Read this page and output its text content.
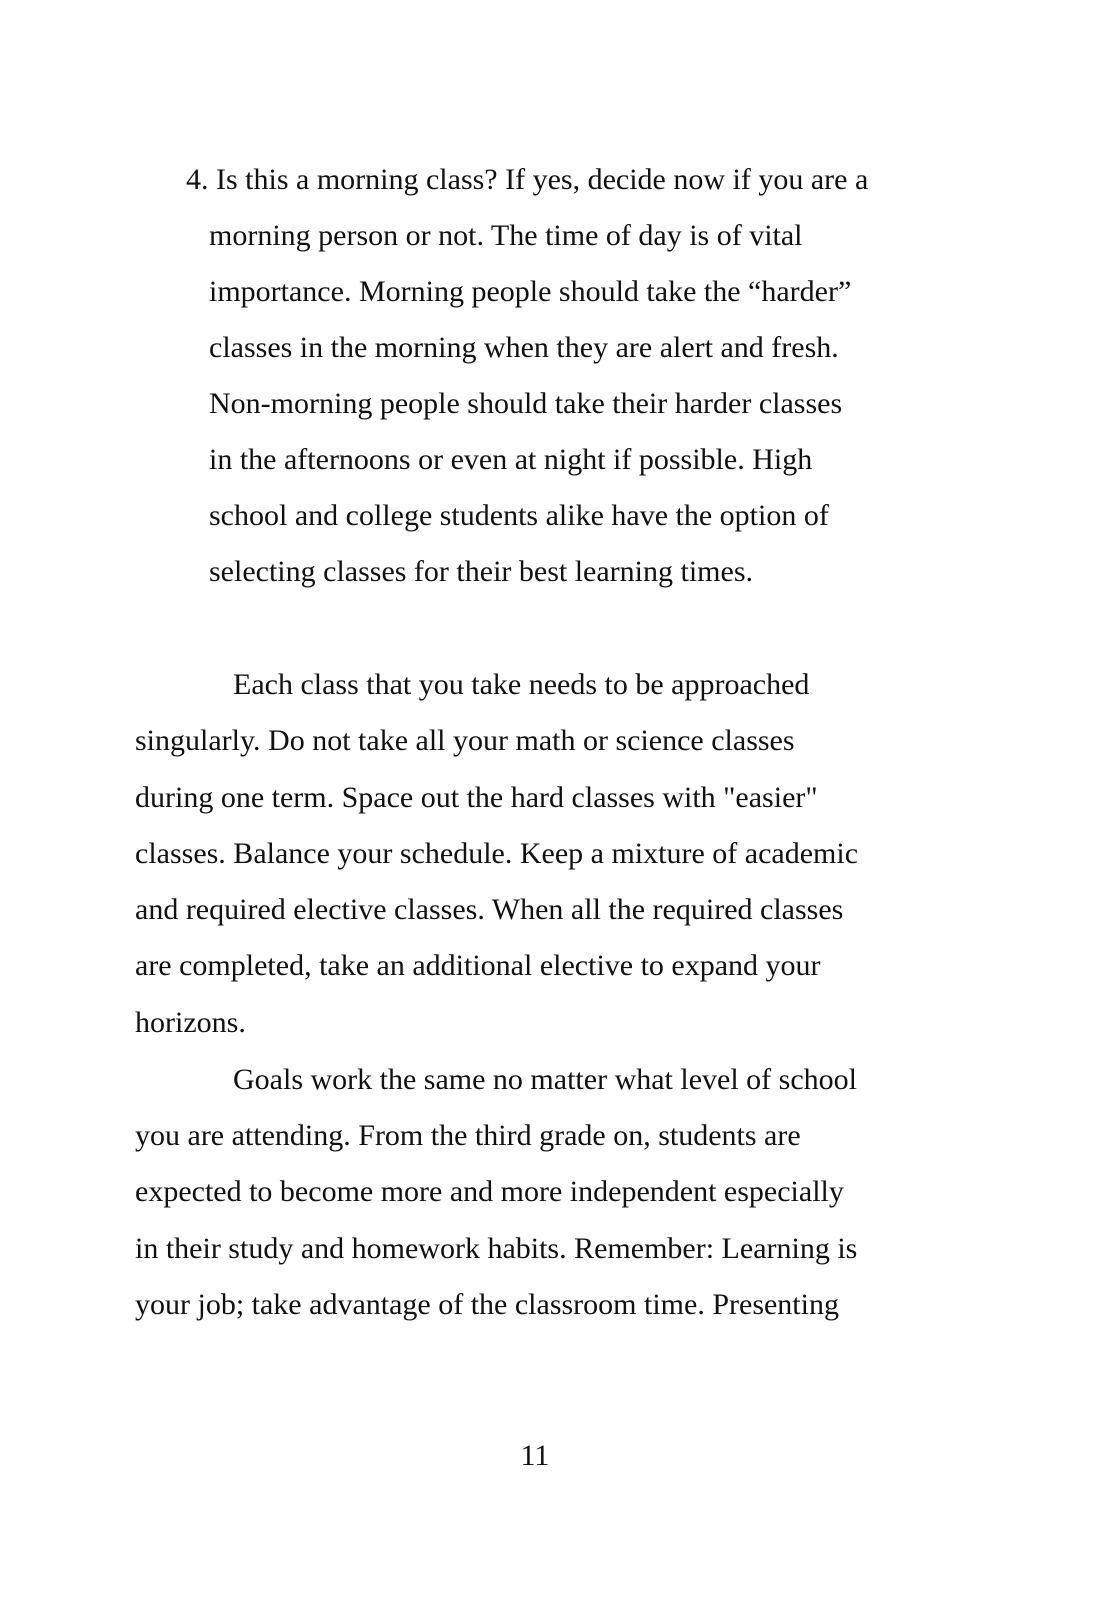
4. Is this a morning class? If yes, decide now if you are a
morning person or not. The time of day is of vital
importance. Morning people should take the “harder”
classes in the morning when they are alert and fresh.
Non-morning people should take their harder classes
in the afternoons or even at night if possible. High
school and college students alike have the option of
selecting classes for their best learning times.
Each class that you take needs to be approached
singularly. Do not take all your math or science classes
during one term. Space out the hard classes with "easier"
classes. Balance your schedule. Keep a mixture of academic
and required elective classes. When all the required classes
are completed, take an additional elective to expand your
horizons.
Goals work the same no matter what level of school
you are attending. From the third grade on, students are
expected to become more and more independent especially
in their study and homework habits. Remember: Learning is
your job; take advantage of the classroom time. Presenting
11
